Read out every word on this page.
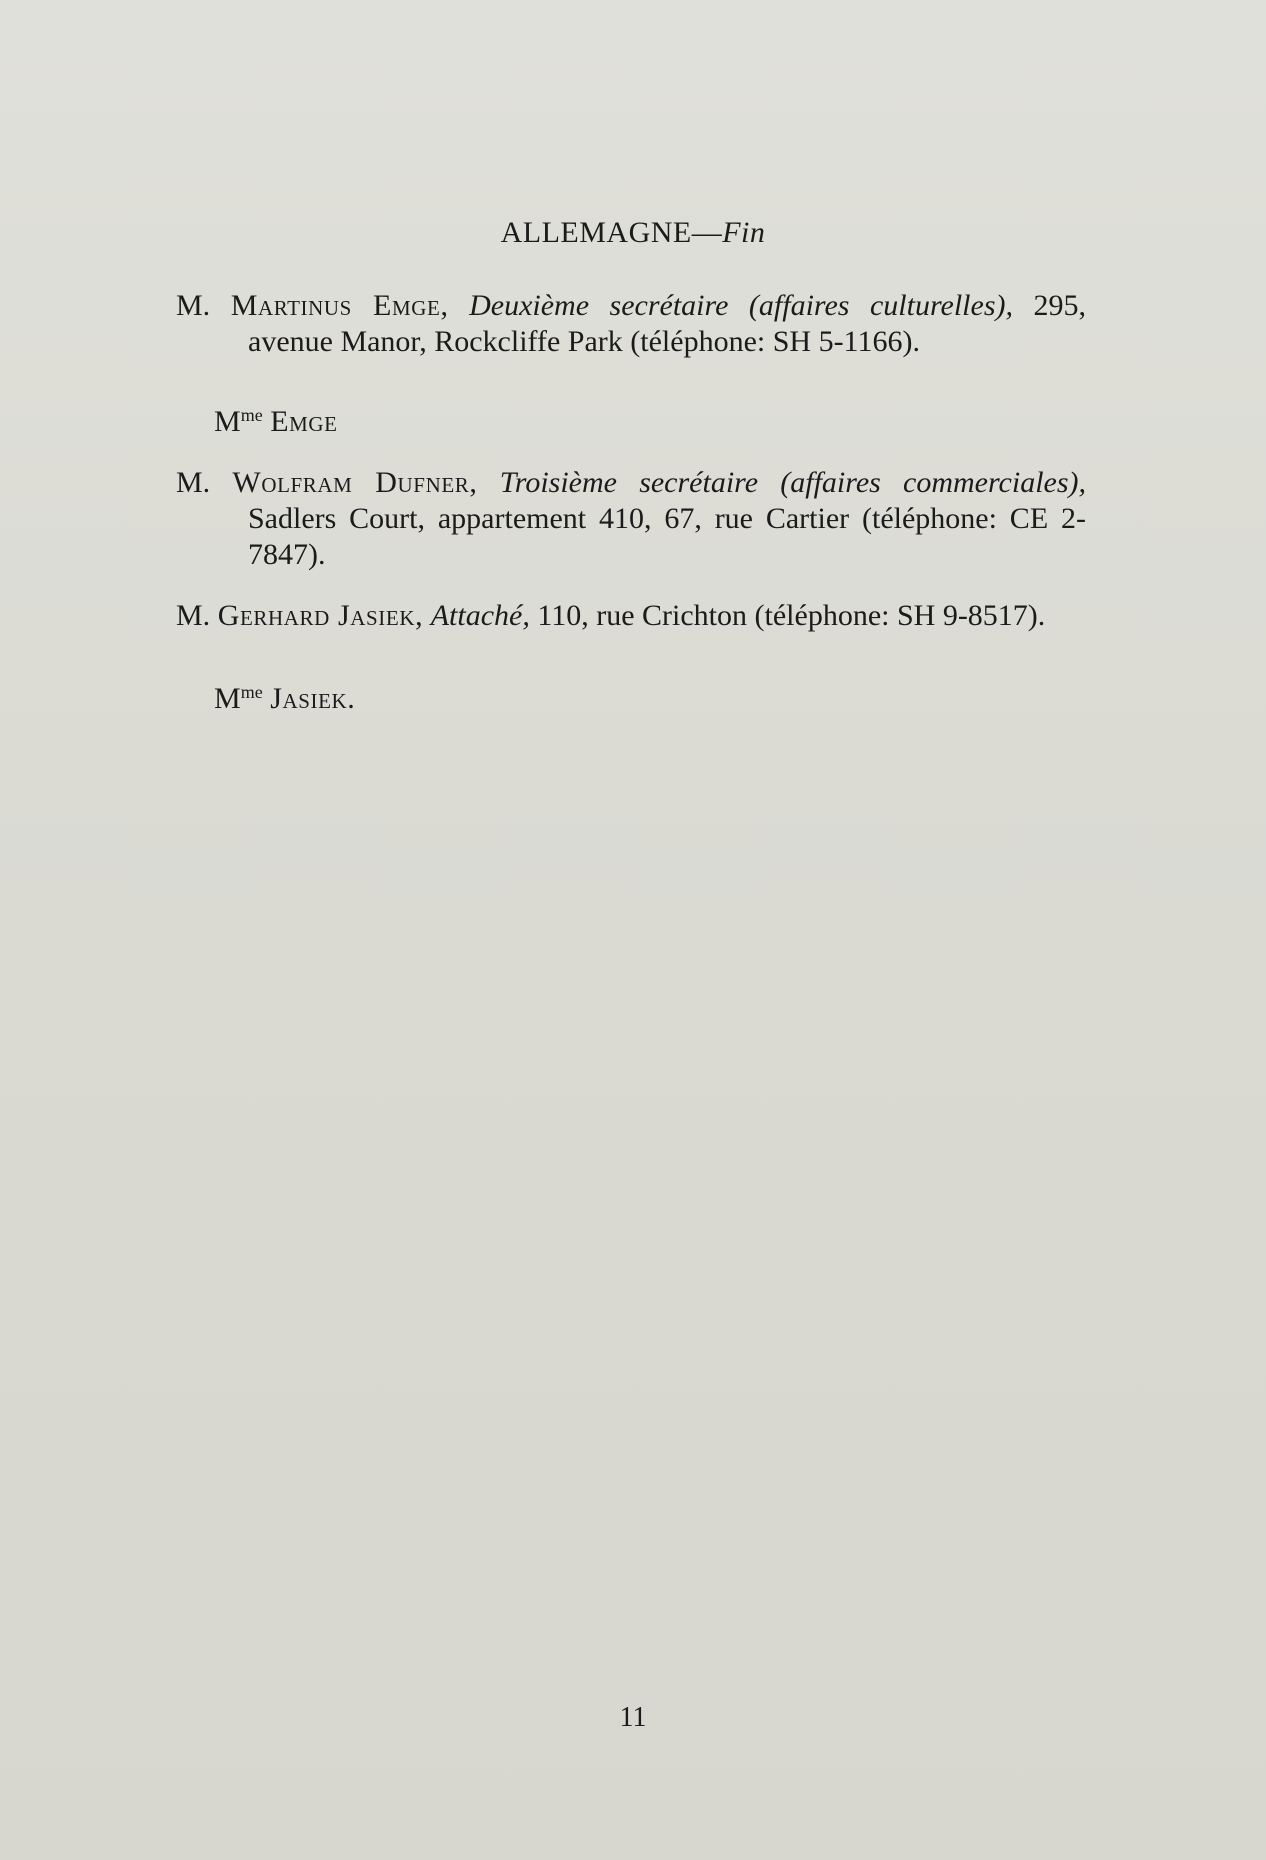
ALLEMAGNE—Fin
M. Martinus Emge, Deuxième secrétaire (affaires culturelles), 295, avenue Manor, Rockcliffe Park (téléphone: SH 5-1166).
$M^{me}$ Emge
M. Wolfram Dufner, Troisième secrétaire (affaires commerciales), Sadlers Court, appartement 410, 67, rue Cartier (téléphone: CE 2-7847).
M. Gerhard Jasiek, Attaché, 110, rue Crichton (téléphone: SH 9-8517).
$M^{me}$ Jasiek.
11
